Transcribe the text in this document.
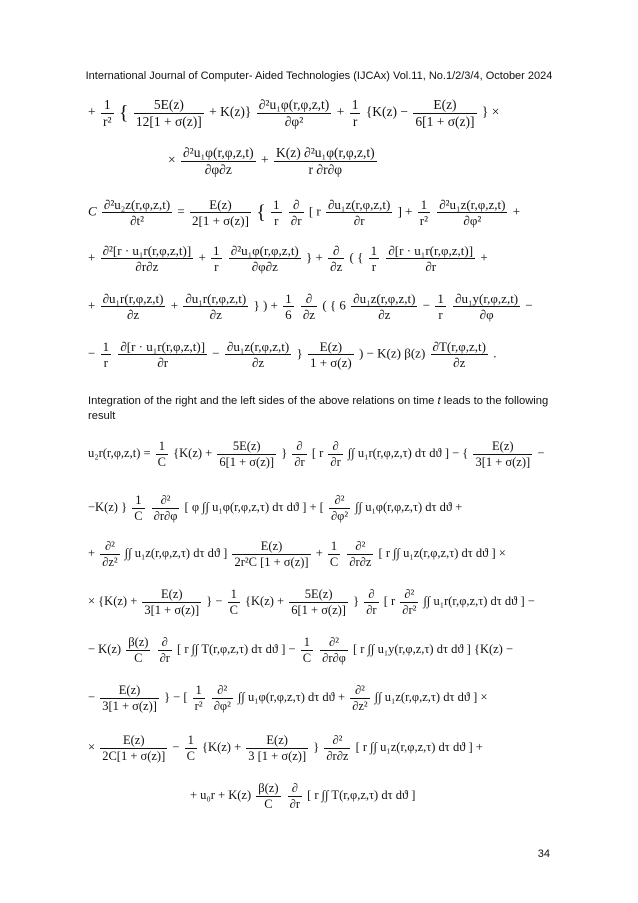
International Journal of Computer- Aided Technologies (IJCAx) Vol.11, No.1/2/3/4, October 2024
+ $\frac{1}{\text{r²}}$ { $\frac{5E(z)}{12[1 + \sigma(z)]} + K(z)\} \frac{\text{∂²u₁φ(r,φ,z,t)}}{\text{∂φ²}} + \frac{1}{r} \{K(z) - \frac{E(z)}{6[1 + \sigma(z)]}$ } ×
× $\frac{\text{∂²u₁φ(r,φ,z,t)}}{\partial\varphi\partial z} + \frac{\text{K(z) ∂²u₁φ(r,φ,z,t)}}{r \partial r\partial\varphi}$
C $\frac{\text{∂²u₂z(r,φ,z,t)}}{\text{∂t²}} = \frac{E(z)}{2[1 + \sigma(z)]}$ { $\frac{1}{r}$
$\frac{\partial}{\partial r}$ [ r $\frac{\text{∂u₁z(r,φ,z,t)}}{\partial r}$ ] + $\frac{1}{\text{r²}}$
$\frac{\text{∂²u₁z(r,φ,z,t)}}{\text{∂φ²}}$ +
+ $\frac{\text{∂²[r · u₁r(r,φ,z,t)]}}{\partial r\partial z} + \frac{1}{r}$
$\frac{\text{∂²u₁φ(r,φ,z,t)}}{\partial\varphi\partial z}$ } + $\frac{\partial}{\partial z}$ ( { $\frac{1}{r}$
$\frac{\text{∂[r · u₁r(r,φ,z,t)]}}{\partial r}$ +
+ $\frac{\text{∂u₁r(r,φ,z,t)}}{\partial z} + \frac{\text{∂u₁r(r,φ,z,t)}}{\partial z}$ } ) + $\frac{1}{6}$
$\frac{\partial}{\partial z}$ ( { $6 \frac{\text{∂u₁z(r,φ,z,t)}}{\partial z} - \frac{1}{r}$
$\frac{\text{∂u₁y(r,φ,z,t)}}{\partial\varphi}$ −
− $\frac{1}{r}$
$\frac{\text{∂[r · u₁r(r,φ,z,t)]}}{\partial r} - \frac{\text{∂u₁z(r,φ,z,t)}}{\partial z}$ } $\frac{E(z)}{1 + \sigma(z)}$ ) − K(z) $\beta(z) \frac{\partial T(r,\varphi,z,t)}{\partial z}$ .
Integration of the right and the left sides of the above relations on time t leads to the following result
$u_2r(r,\varphi,z,t) = \frac{1}{C} \{K(z) + \frac{5E(z)}{6[1 + \sigma(z)]}$ } $\frac{\partial}{\partial r}$ [ r $\frac{\partial}{\partial r}$ ∫∫ u₁r(r,φ,z,τ) dτ dϑ ] − { $\frac{E(z)}{3[1 + \sigma(z)]}$ −
−K(z) } $\frac{1}{C}$
$\frac{\text{∂²}}{\partial r\partial\varphi}$ [ φ ∫∫ u₁φ(r,φ,z,τ) dτ dϑ ] + [ $\frac{\text{∂²}}{\text{∂φ²}}$ ∫∫ u₁φ(r,φ,z,τ) dτ dϑ +
+ $\frac{\text{∂²}}{\text{∂z²}}$ ∫∫ u₁z(r,φ,z,τ) dτ dϑ ] $\frac{E(z)}{\text{2r²C [1 + σ(z)]}} + \frac{1}{C}$
$\frac{\text{∂²}}{\partial r\partial z}$ [ r ∫∫ u₁z(r,φ,z,τ) dτ dϑ ] ×
× {$K(z) + \frac{E(z)}{3[1 + \sigma(z)]}$ } − $\frac{1}{C} \{K(z) + \frac{5E(z)}{6[1 + \sigma(z)]}$ } $\frac{\partial}{\partial r}$ [ r $\frac{\text{∂²}}{\text{∂r²}}$ ∫∫ u₁r(r,φ,z,τ) dτ dϑ ] −
− $K(z) \frac{\beta(z)}{C}$
$\frac{\partial}{\partial r}$ [ r ∫∫ T(r,φ,z,τ) dτ dϑ ] − $\frac{1}{C}$
$\frac{\text{∂²}}{\partial r\partial\varphi}$ [ r ∫∫ u₁y(r,φ,z,τ) dτ dϑ ] {K(z) −
− $\frac{E(z)}{3[1 + \sigma(z)]}$ } − [ $\frac{1}{\text{r²}}$
$\frac{\text{∂²}}{\text{∂φ²}}$ ∫∫ u₁φ(r,φ,z,τ) dτ $dϑ + \frac{\text{∂²}}{\text{∂z²}}$ ∫∫ u₁z(r,φ,z,τ) dτ dϑ ] ×
× $\frac{E(z)}{2C[1 + \sigma(z)]} - \frac{1}{C} \{K(z) + \frac{E(z)}{3 [1 + \sigma(z)]}$ } $\frac{\text{∂²}}{\partial r\partial z}$ [ r ∫∫ u₁z(r,φ,z,τ) dτ dϑ ] +
+ $u_0r + K(z) \frac{\beta(z)}{C}$
$\frac{\partial}{\partial r}$ [ r ∫∫ T(r,φ,z,τ) dτ dϑ ]
34
